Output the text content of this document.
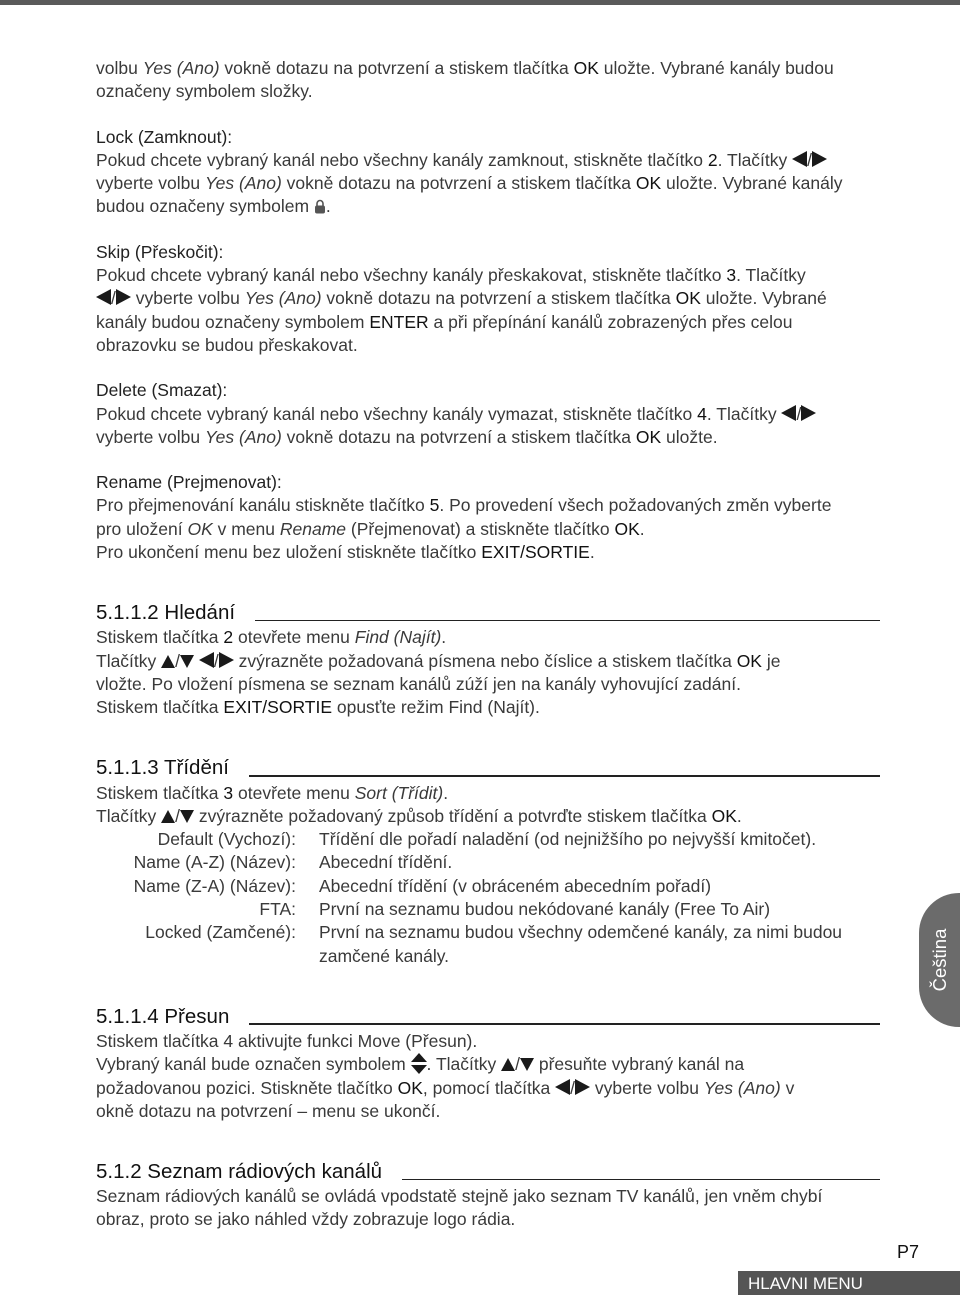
volbu Yes (Ano) vokně dotazu na potvrzení a stiskem tlačítka OK uložte. Vybrané kanály budou
označeny symbolem složky.

Lock (Zamknout):

Pokud chcete vybraný kanál nebo všechny kanály zamknout, stiskněte tlačítko 2. Tlačítky /
vyberte volbu Yes (Ano) vokně dotazu na potvrzení a stiskem tlačítka OK uložte. Vybrané kanály
budou označeny symbolem .

Skip (Přeskočit):

Pokud chcete vybraný kanál nebo všechny kanály přeskakovat, stiskněte tlačítko 3. Tlačítky
/ vyberte volbu Yes (Ano) vokně dotazu na potvrzení a stiskem tlačítka OK uložte. Vybrané
kanály budou označeny symbolem ENTER a při přepínání kanálů zobrazených přes celou
obrazovku se budou přeskakovat.

Delete (Smazat):

Pokud chcete vybraný kanál nebo všechny kanály vymazat, stiskněte tlačítko 4. Tlačítky /
vyberte volbu Yes (Ano) vokně dotazu na potvrzení a stiskem tlačítka OK uložte.

Rename (Prejmenovat):

Pro přejmenování kanálu stiskněte tlačítko 5. Po provedení všech požadovaných změn vyberte
pro uložení OK v menu Rename (Přejmenovat) a stiskněte tlačítko OK.
Pro ukončení menu bez uložení stiskněte tlačítko EXIT/SORTIE.

5.1.1.2 Hledání

Stiskem tlačítka 2 otevřete menu Find (Najít).
Tlačítky / / zvýrazněte požadovaná písmena nebo číslice a stiskem tlačítka OK je
vložte. Po vložení písmena se seznam kanálů zúží jen na kanály vyhovující zadání.
Stiskem tlačítka EXIT/SORTIE opusťte režim Find (Najít).

5.1.1.3 Třídění

Stiskem tlačítka 3 otevřete menu Sort (Třídit).
Tlačítky / zvýrazněte požadovaný způsob třídění a potvrďte stiskem tlačítka OK.

Default (Vychozí): Třídění dle pořadí naladění (od nejnižšího po nejvyšší kmitočet).
Name (A-Z) (Název): Abecední třídění.
Name (Z-A) (Název): Abecední třídění (v obráceném abecedním pořadí)
FTA: První na seznamu budou nekódované kanály (Free To Air)
Locked (Zamčené): První na seznamu budou všechny odemčené kanály, za nimi budou zamčené kanály.
5.1.1.4 Přesun

Stiskem tlačítka 4 aktivujte funkci Move (Přesun).
Vybraný kanál bude označen symbolem . Tlačítky / přesuňte vybraný kanál na
požadovanou pozici. Stiskněte tlačítko OK, pomocí tlačítka / vyberte volbu Yes (Ano) v
okně dotazu na potvrzení – menu se ukončí.

5.1.2 Seznam rádiových kanálů

Seznam rádiových kanálů se ovládá vpodstatě stejně jako seznam TV kanálů, jen vněm chybí
obraz, proto se jako náhled vždy zobrazuje logo rádia.

Čeština
P7
HLAVNI MENU
